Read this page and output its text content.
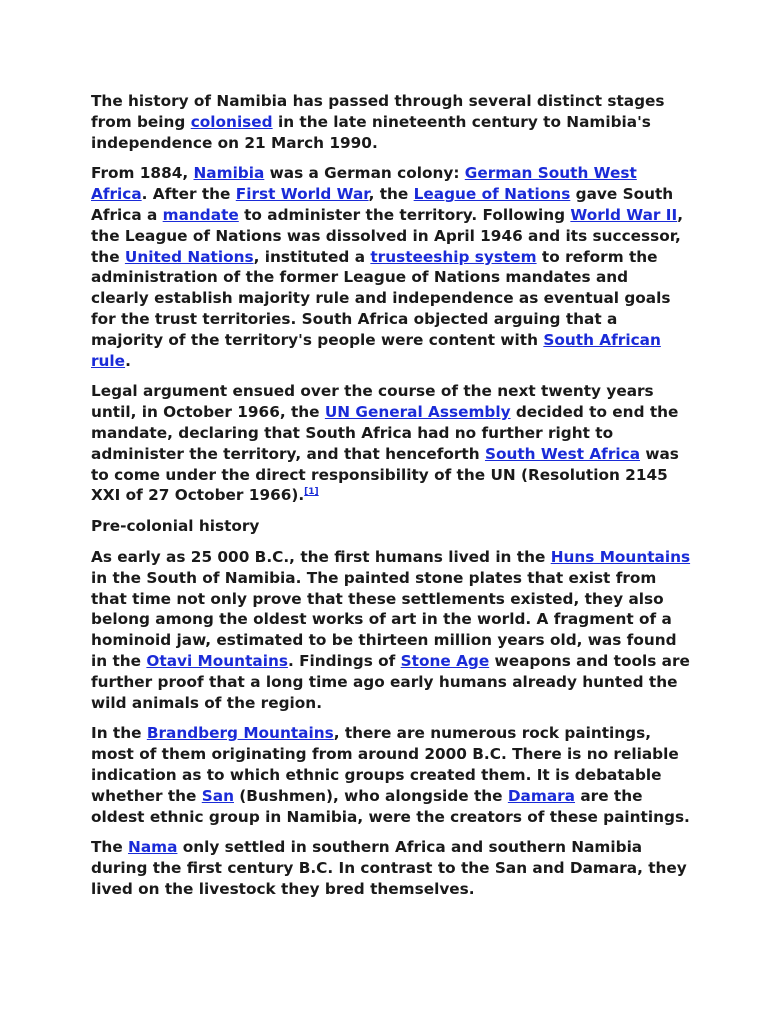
The history of Namibia has passed through several distinct stages from being colonised in the late nineteenth century to Namibia's independence on 21 March 1990.

From 1884, Namibia was a German colony: German South West Africa. After the First World War, the League of Nations gave South Africa a mandate to administer the territory. Following World War II, the League of Nations was dissolved in April 1946 and its successor, the United Nations, instituted a trusteeship system to reform the administration of the former League of Nations mandates and clearly establish majority rule and independence as eventual goals for the trust territories. South Africa objected arguing that a majority of the territory's people were content with South African rule.

Legal argument ensued over the course of the next twenty years until, in October 1966, the UN General Assembly decided to end the mandate, declaring that South Africa had no further right to administer the territory, and that henceforth South West Africa was to come under the direct responsibility of the UN (Resolution 2145 XXI of 27 October 1966).[1]

Pre-colonial history

As early as 25 000 B.C., the first humans lived in the Huns Mountains in the South of Namibia. The painted stone plates that exist from that time not only prove that these settlements existed, they also belong among the oldest works of art in the world. A fragment of a hominoid jaw, estimated to be thirteen million years old, was found in the Otavi Mountains. Findings of Stone Age weapons and tools are further proof that a long time ago early humans already hunted the wild animals of the region.

In the Brandberg Mountains, there are numerous rock paintings, most of them originating from around 2000 B.C. There is no reliable indication as to which ethnic groups created them. It is debatable whether the San (Bushmen), who alongside the Damara are the oldest ethnic group in Namibia, were the creators of these paintings.

The Nama only settled in southern Africa and southern Namibia during the first century B.C. In contrast to the San and Damara, they lived on the livestock they bred themselves.
